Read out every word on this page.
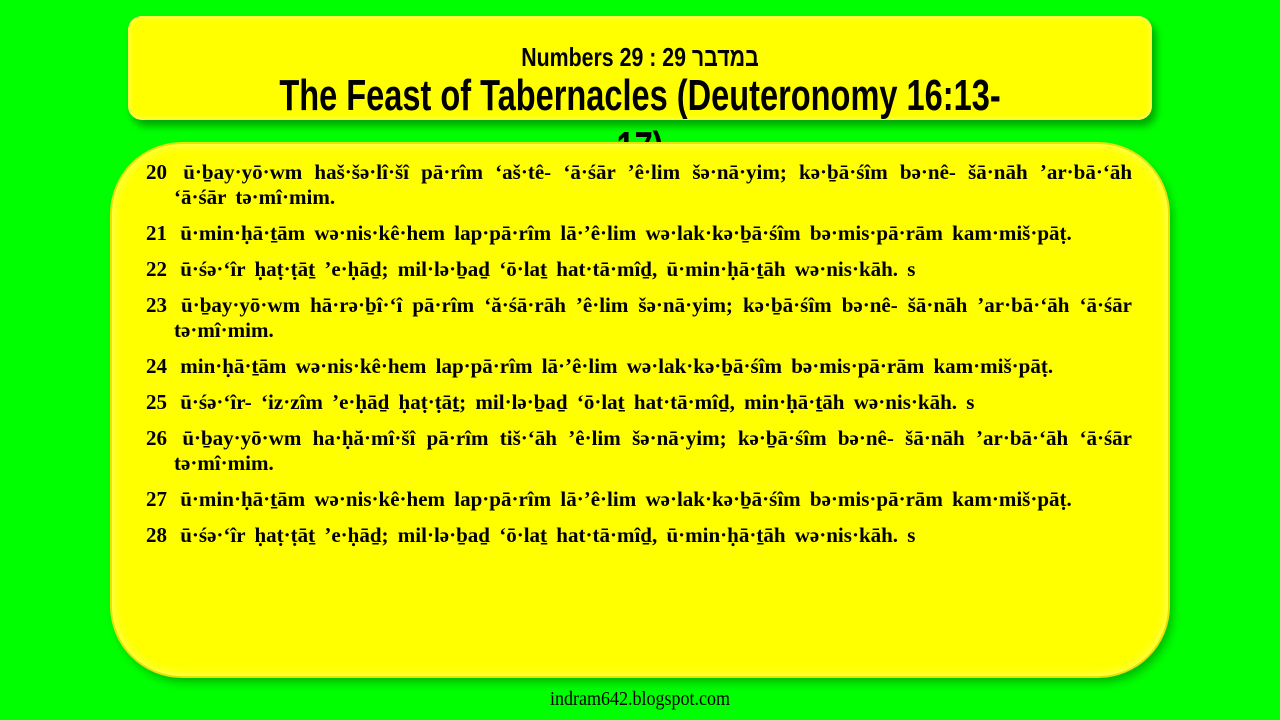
Numbers 29 : במדבר 29
The Feast of Tabernacles (Deuteronomy 16:13-
20 ū·ḇay·yō·wm haš·šə·lî·šî pā·rîm ‘aš·tê- ‘ā·śār ’ê·lim šə·nā·yim; kə·ḇā·śîm bə·nê- šā·nāh ’ar·bā·‘āh ‘ā·śār tə·mî·mim.
21 ū·min·ḥā·ṯām wə·nis·kê·hem lap·pā·rîm lā·’ê·lim wə·lak·kə·ḇā·śîm bə·mis·pā·rām kam·miš·pāṭ.
22 ū·śə·‘îr ḥaṭ·ṭāṯ ’e·ḥāḏ; mil·lə·ḇaḏ ‘ō·laṯ hat·tā·mîḏ, ū·min·ḥā·ṯāh wə·nis·kāh. s
23 ū·ḇay·yō·wm hā·rə·ḇî·‘î pā·rîm ‘ă·śā·rāh ’ê·lim šə·nā·yim; kə·ḇā·śîm bə·nê- šā·nāh ’ar·bā·‘āh ‘ā·śār tə·mî·mim.
24 min·ḥā·ṯām wə·nis·kê·hem lap·pā·rîm lā·’ê·lim wə·lak·kə·ḇā·śîm bə·mis·pā·rām kam·miš·pāṭ.
25 ū·śə·‘îr- ‘iz·zîm ’e·ḥāḏ ḥaṭ·ṭāṯ; mil·lə·ḇaḏ ‘ō·laṯ hat·tā·mîḏ, min·ḥā·ṯāh wə·nis·kāh. s
26 ū·ḇay·yō·wm ha·ḥă·mî·šî pā·rîm tiš·‘āh ’ê·lim šə·nā·yim; kə·ḇā·śîm bə·nê- šā·nāh ’ar·bā·‘āh ‘ā·śār tə·mî·mim.
27 ū·min·ḥā·ṯām wə·nis·kê·hem lap·pā·rîm lā·’ê·lim wə·lak·kə·ḇā·śîm bə·mis·pā·rām kam·miš·pāṭ.
28 ū·śə·‘îr ḥaṭ·ṭāṯ ’e·ḥāḏ; mil·lə·ḇaḏ ‘ō·laṯ hat·tā·mîḏ, ū·min·ḥā·ṯāh wə·nis·kāh. s
indram642.blogspot.com
